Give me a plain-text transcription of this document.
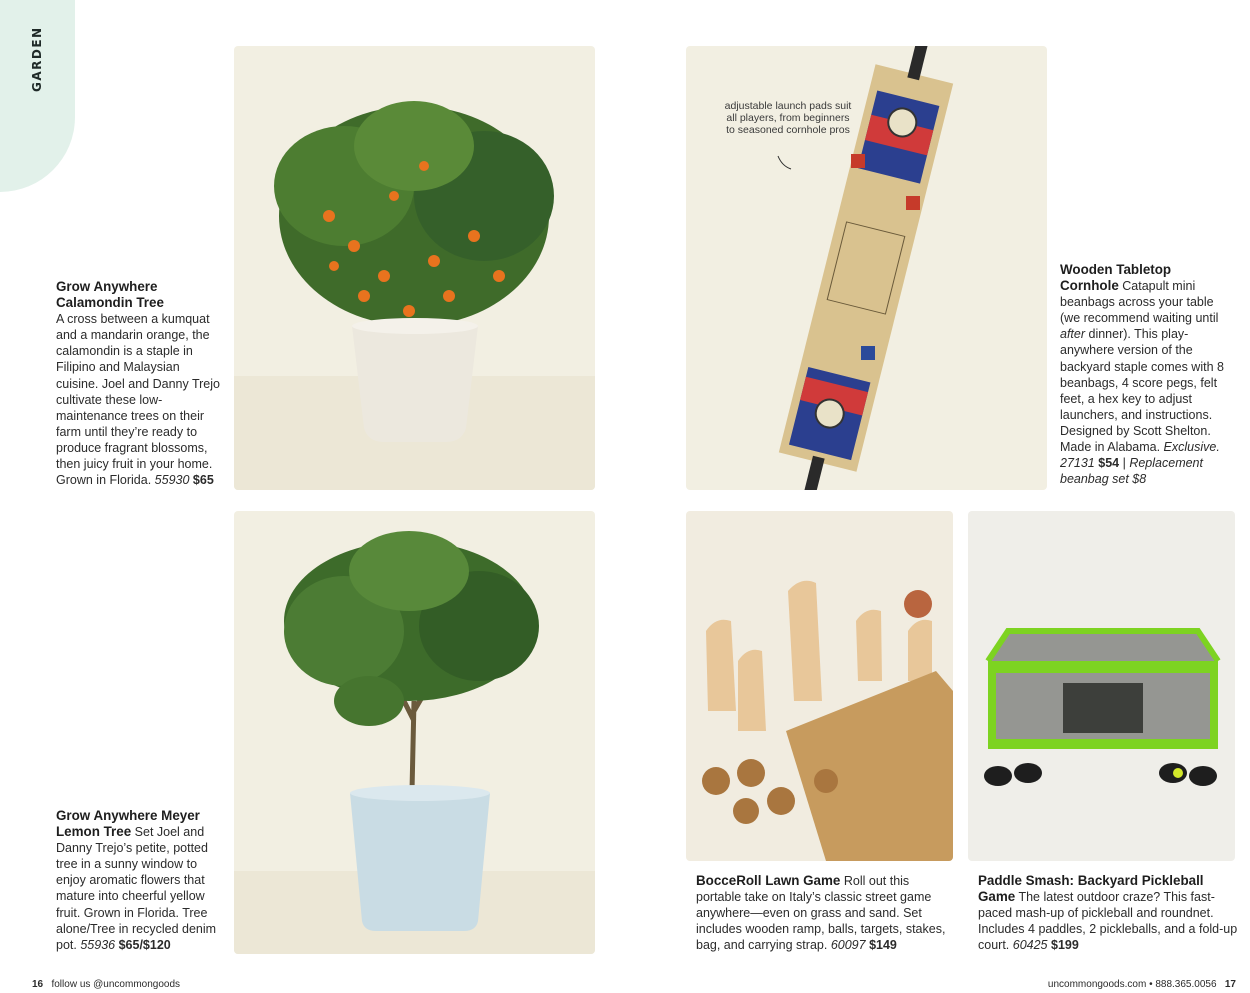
GARDEN
adjustable launch pads suit all players, from beginners to seasoned cornhole pros
Grow Anywhere
Calamondin Tree
A cross between a kumquat and a mandarin orange, the calamondin is a staple in Filipino and Malaysian cuisine. Joel and Danny Trejo cultivate these low-maintenance trees on their farm until they’re ready to produce fragrant blossoms, then juicy fruit in your home. Grown in Florida. 55930 $65
Grow Anywhere Meyer
Lemon Tree Set Joel and Danny Trejo’s petite, potted tree in a sunny window to enjoy aromatic flowers that mature into cheerful yellow fruit. Grown in Florida. Tree alone/Tree in recycled denim pot. 55936 $65/$120
Wooden Tabletop
Cornhole Catapult mini beanbags across your table (we recommend waiting until after dinner). This play-anywhere version of the backyard staple comes with 8 beanbags, 4 score pegs, felt feet, a hex key to adjust launchers, and instructions. Designed by Scott Shelton. Made in Alabama. Exclusive. 27131 $54 | Replacement beanbag set $8
BocceRoll Lawn Game Roll out this portable take on Italy’s classic street game anywhere—even on grass and sand. Set includes wooden ramp, balls, targets, stakes, bag, and carrying strap. 60097 $149
Paddle Smash: Backyard Pickleball Game The latest outdoor craze? This fast-paced mash-up of pickleball and roundnet. Includes 4 paddles, 2 pickleballs, and a fold-up court. 60425 $199
16 follow us @uncommongoods	uncommongoods.com • 888.365.0056 17
